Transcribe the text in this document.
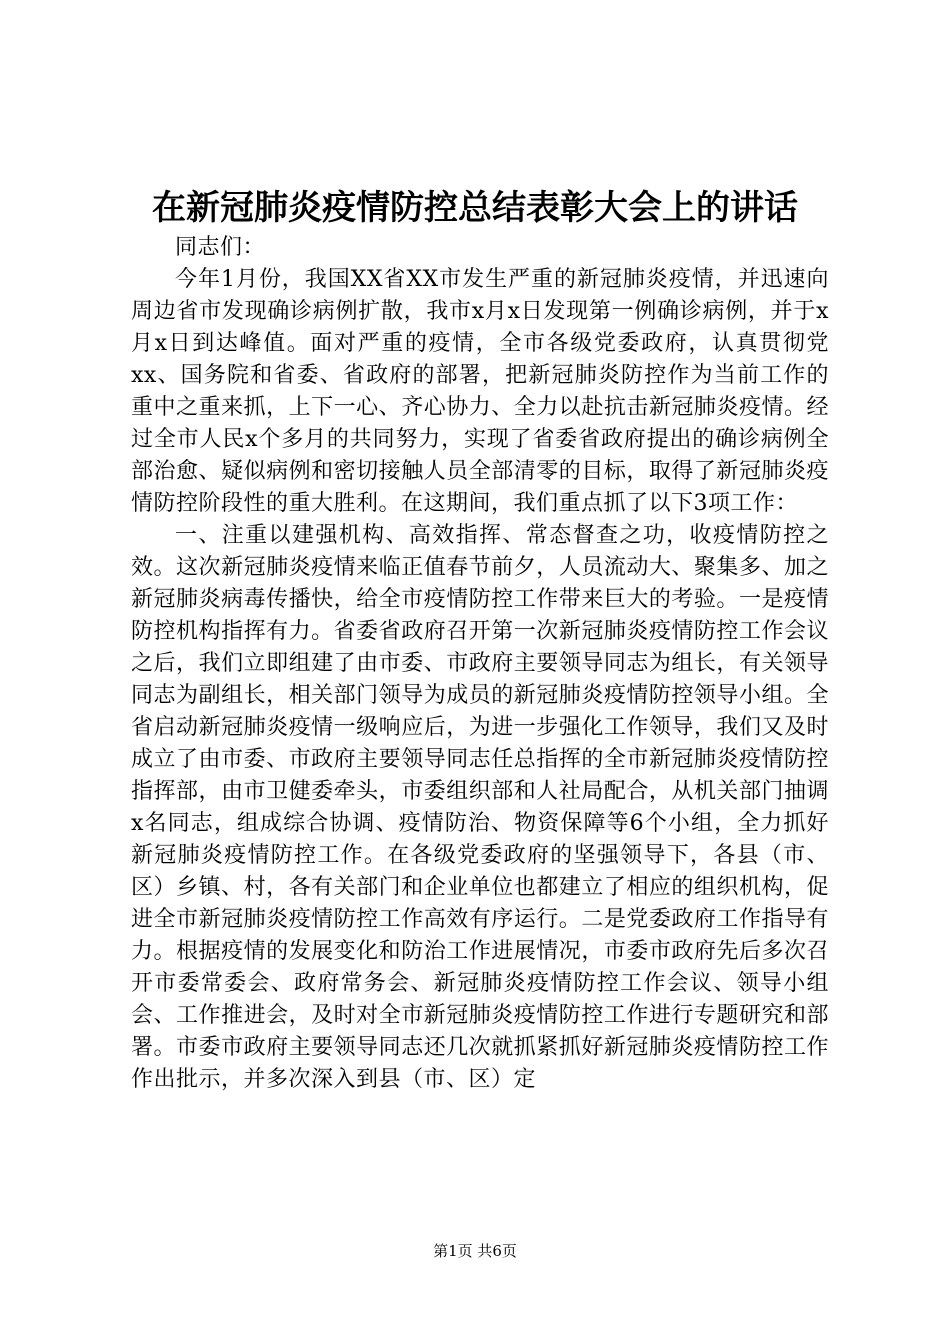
在新冠肺炎疫情防控总结表彰大会上的讲话

同志们：

今年1月份，我国XX省XX市发生严重的新冠肺炎疫情，并迅速向周边省市发现确诊病例扩散，我市x月x日发现第一例确诊病例，并于x月x日到达峰值。面对严重的疫情，全市各级党委政府，认真贯彻党xx、国务院和省委、省政府的部署，把新冠肺炎防控作为当前工作的重中之重来抓，上下一心、齐心协力、全力以赴抗击新冠肺炎疫情。经过全市人民x个多月的共同努力，实现了省委省政府提出的确诊病例全部治愈、疑似病例和密切接触人员全部清零的目标，取得了新冠肺炎疫情防控阶段性的重大胜利。在这期间，我们重点抓了以下3项工作：

一、注重以建强机构、高效指挥、常态督查之功，收疫情防控之效。这次新冠肺炎疫情来临正值春节前夕，人员流动大、聚集多、加之新冠肺炎病毒传播快，给全市疫情防控工作带来巨大的考验。一是疫情防控机构指挥有力。省委省政府召开第一次新冠肺炎疫情防控工作会议之后，我们立即组建了由市委、市政府主要领导同志为组长，有关领导同志为副组长，相关部门领导为成员的新冠肺炎疫情防控领导小组。全省启动新冠肺炎疫情一级响应后，为进一步强化工作领导，我们又及时成立了由市委、市政府主要领导同志任总指挥的全市新冠肺炎疫情防控指挥部，由市卫健委牵头，市委组织部和人社局配合，从机关部门抽调x名同志，组成综合协调、疫情防治、物资保障等6个小组，全力抓好新冠肺炎疫情防控工作。在各级党委政府的坚强领导下，各县（市、区）乡镇、村，各有关部门和企业单位也都建立了相应的组织机构，促进全市新冠肺炎疫情防控工作高效有序运行。二是党委政府工作指导有力。根据疫情的发展变化和防治工作进展情况，市委市政府先后多次召开市委常委会、政府常务会、新冠肺炎疫情防控工作会议、领导小组会、工作推进会，及时对全市新冠肺炎疫情防控工作进行专题研究和部署。市委市政府主要领导同志还几次就抓紧抓好新冠肺炎疫情防控工作作出批示，并多次深入到县（市、区）定

第1页 共6页
